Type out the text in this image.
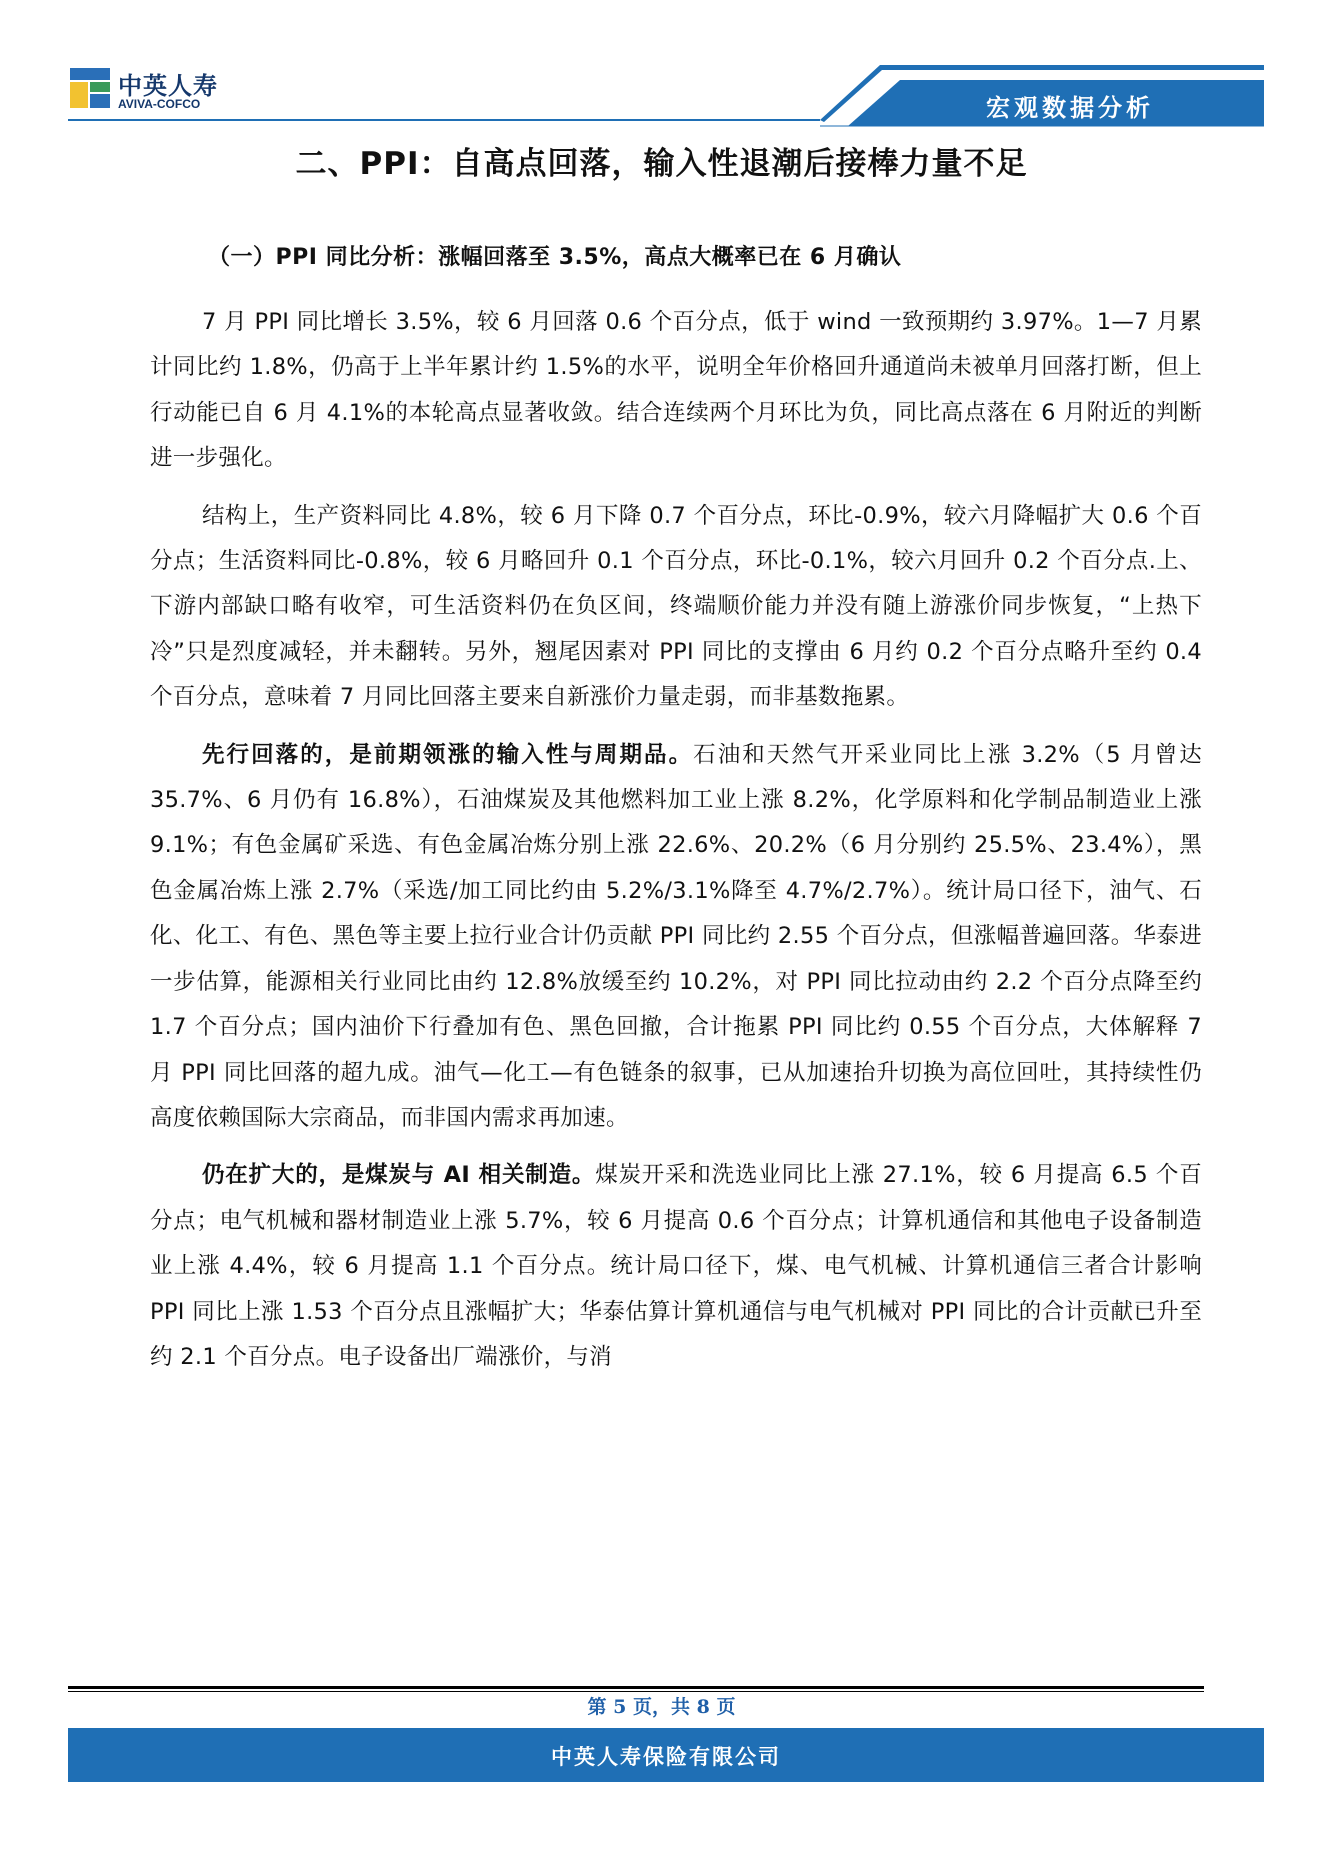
中英人寿
AVIVA-COFCO	宏观数据分析
二、PPI：自高点回落，输入性退潮后接棒力量不足
（一）PPI 同比分析：涨幅回落至 3.5%，高点大概率已在 6 月确认

7 月 PPI 同比增长 3.5%，较 6 月回落 0.6 个百分点，低于 wind 一致预期约 3.97%。1—7 月累计同比约 1.8%，仍高于上半年累计约 1.5%的水平，说明全年价格回升通道尚未被单月回落打断，但上行动能已自 6 月 4.1%的本轮高点显著收敛。结合连续两个月环比为负，同比高点落在 6 月附近的判断进一步强化。

结构上，生产资料同比 4.8%，较 6 月下降 0.7 个百分点，环比-0.9%，较六月降幅扩大 0.6 个百分点；生活资料同比-0.8%，较 6 月略回升 0.1 个百分点，环比-0.1%，较六月回升 0.2 个百分点.上、下游内部缺口略有收窄，可生活资料仍在负区间，终端顺价能力并没有随上游涨价同步恢复，“上热下冷”只是烈度减轻，并未翻转。另外，翘尾因素对 PPI 同比的支撑由 6 月约 0.2 个百分点略升至约 0.4 个百分点，意味着 7 月同比回落主要来自新涨价力量走弱，而非基数拖累。

先行回落的，是前期领涨的输入性与周期品。石油和天然气开采业同比上涨 3.2%（5 月曾达 35.7%、6 月仍有 16.8%），石油煤炭及其他燃料加工业上涨 8.2%，化学原料和化学制品制造业上涨 9.1%；有色金属矿采选、有色金属冶炼分别上涨 22.6%、20.2%（6 月分别约 25.5%、23.4%），黑色金属冶炼上涨 2.7%（采选/加工同比约由 5.2%/3.1%降至 4.7%/2.7%）。统计局口径下，油气、石化、化工、有色、黑色等主要上拉行业合计仍贡献 PPI 同比约 2.55 个百分点，但涨幅普遍回落。华泰进一步估算，能源相关行业同比由约 12.8%放缓至约 10.2%，对 PPI 同比拉动由约 2.2 个百分点降至约 1.7 个百分点；国内油价下行叠加有色、黑色回撤，合计拖累 PPI 同比约 0.55 个百分点，大体解释 7 月 PPI 同比回落的超九成。油气—化工—有色链条的叙事，已从加速抬升切换为高位回吐，其持续性仍高度依赖国际大宗商品，而非国内需求再加速。

仍在扩大的，是煤炭与 AI 相关制造。煤炭开采和洗选业同比上涨 27.1%，较 6 月提高 6.5 个百分点；电气机械和器材制造业上涨 5.7%，较 6 月提高 0.6 个百分点；计算机通信和其他电子设备制造业上涨 4.4%，较 6 月提高 1.1 个百分点。统计局口径下，煤、电气机械、计算机通信三者合计影响 PPI 同比上涨 1.53 个百分点且涨幅扩大；华泰估算计算机通信与电气机械对 PPI 同比的合计贡献已升至约 2.1 个百分点。电子设备出厂端涨价，与消

第 5 页，共 8 页
中英人寿保险有限公司
